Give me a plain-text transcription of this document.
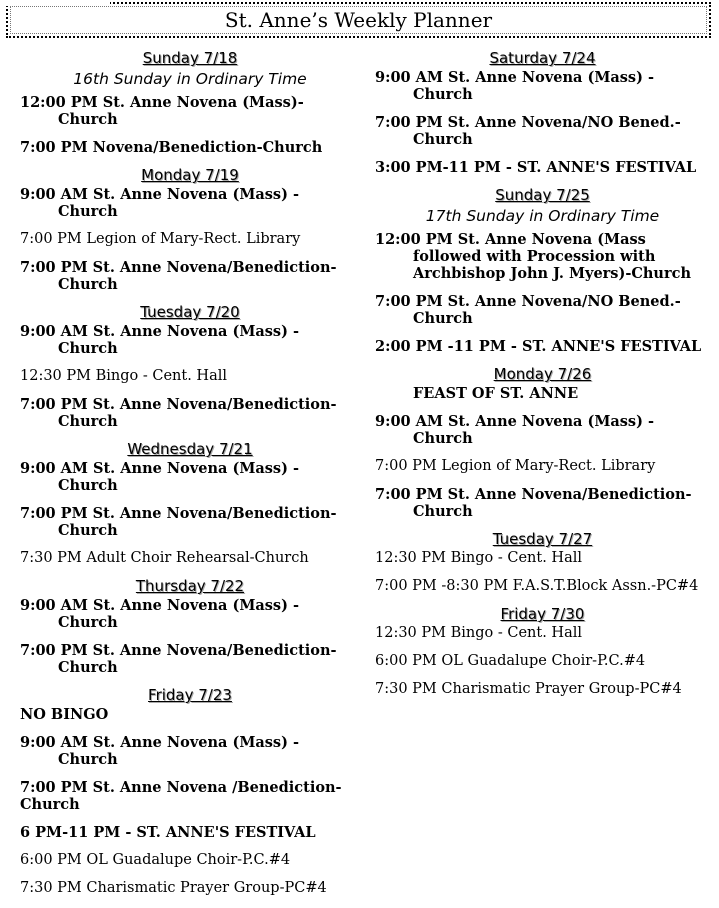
St. Anne’s Weekly Planner
Sunday 7/18
16th Sunday in Ordinary Time
12:00 PM St. Anne Novena (Mass)-Church
7:00 PM Novena/Benediction-Church
Monday 7/19
9:00 AM St. Anne Novena (Mass) - Church
7:00 PM Legion of Mary-Rect. Library
7:00 PM St. Anne Novena/Benediction-Church
Tuesday 7/20
9:00 AM St. Anne Novena (Mass) - Church
12:30 PM Bingo - Cent. Hall
7:00 PM St. Anne Novena/Benediction-Church
Wednesday 7/21
9:00 AM St. Anne Novena (Mass) - Church
7:00 PM St. Anne Novena/Benediction-Church
7:30 PM Adult Choir Rehearsal-Church
Thursday 7/22
9:00 AM St. Anne Novena (Mass) - Church
7:00 PM St. Anne Novena/Benediction-Church
Friday 7/23
NO BINGO
9:00 AM St. Anne Novena (Mass) - Church
7:00 PM St. Anne Novena /Benediction-Church
6 PM-11 PM - ST. ANNE'S FESTIVAL
6:00 PM OL Guadalupe Choir-P.C.#4
7:30 PM Charismatic Prayer Group-PC#4
Saturday 7/24
9:00 AM St. Anne Novena (Mass) - Church
7:00 PM St. Anne Novena/NO Bened.-Church
3:00 PM-11 PM - ST. ANNE'S FESTIVAL
Sunday 7/25
17th Sunday in Ordinary Time
12:00 PM St. Anne Novena (Mass followed with Procession with Archbishop John J. Myers)-Church
7:00 PM St. Anne Novena/NO Bened.-Church
2:00 PM -11 PM - ST. ANNE'S FESTIVAL
Monday 7/26
FEAST OF ST. ANNE
9:00 AM St. Anne Novena (Mass) - Church
7:00 PM Legion of Mary-Rect. Library
7:00 PM St. Anne Novena/Benediction-Church
Tuesday 7/27
12:30 PM Bingo - Cent. Hall
7:00 PM -8:30 PM F.A.S.T.Block Assn.-PC#4
Friday 7/30
12:30 PM Bingo - Cent. Hall
6:00 PM OL Guadalupe Choir-P.C.#4
7:30 PM Charismatic Prayer Group-PC#4
